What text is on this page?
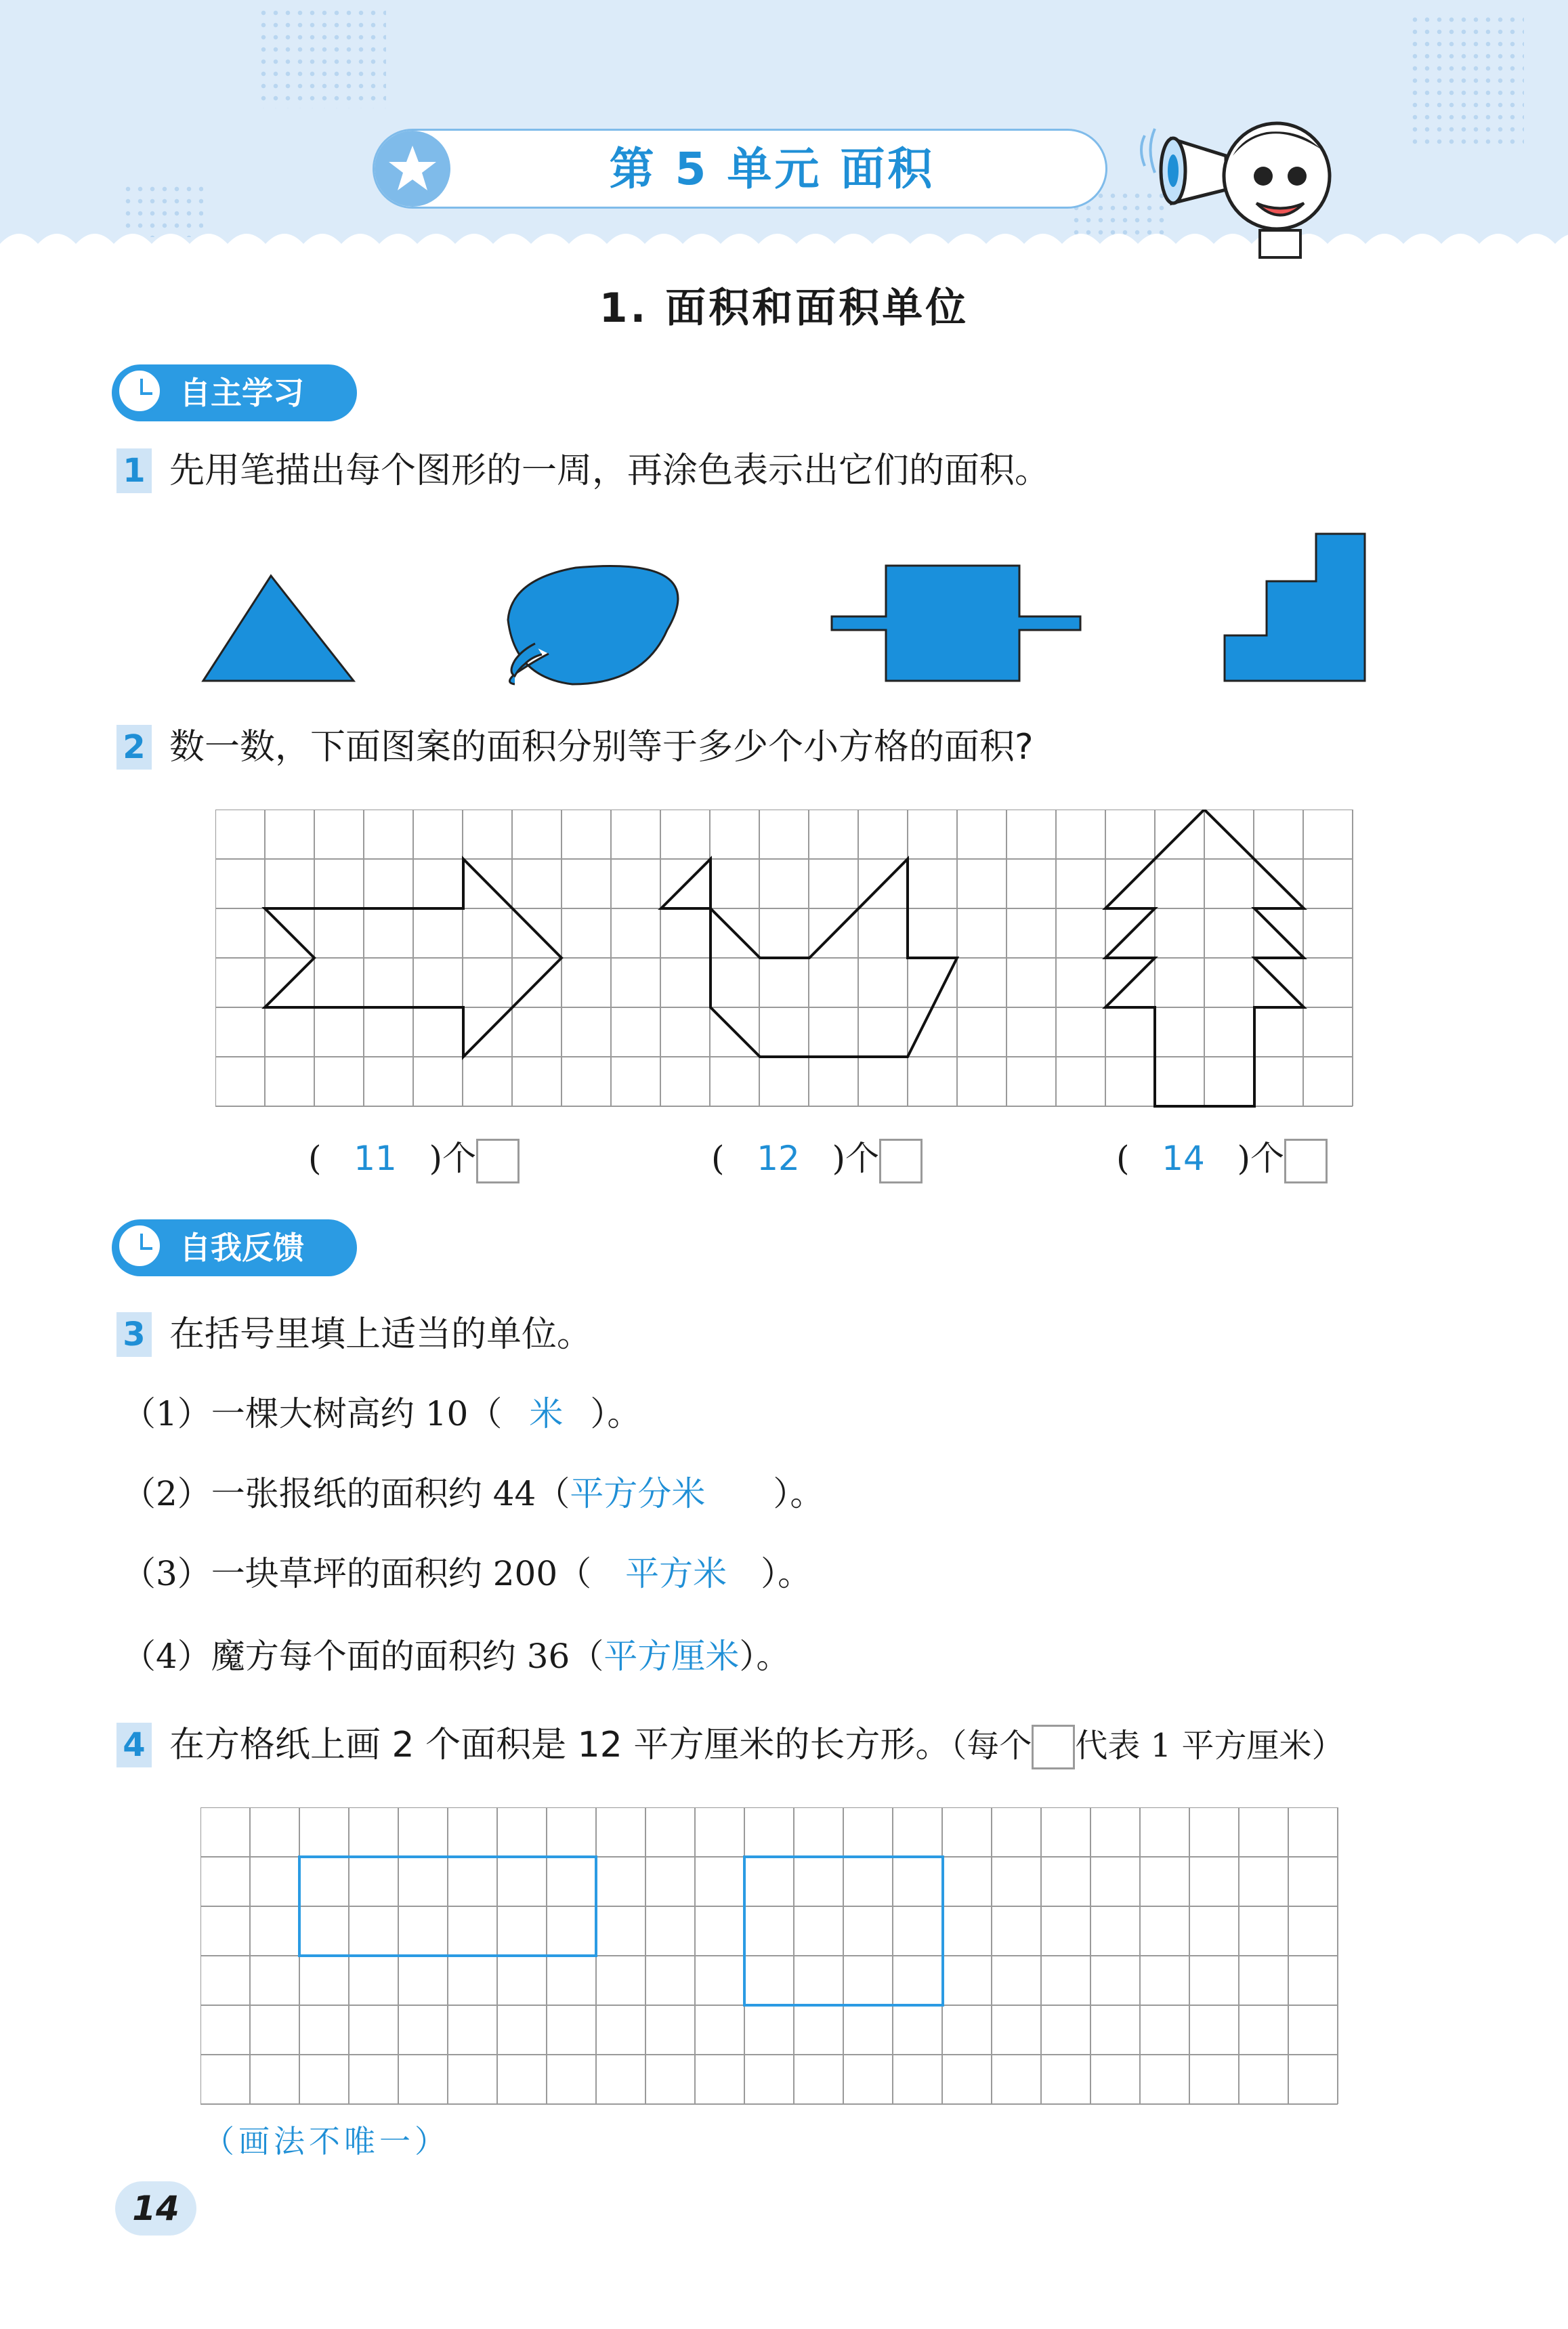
第 5 单元 面积
1. 面积和面积单位
自主学习
1 先用笔描出每个图形的一周，再涂色表示出它们的面积。
2 数一数，下面图案的面积分别等于多少个小方格的面积?
( 11 )个	( 12 )个	( 14 )个
自我反馈
3 在括号里填上适当的单位。
（1）一棵大树高约 10（ 米 ）。
（2）一张报纸的面积约 44（平方分米 ）。
（3）一块草坪的面积约 200（ 平方米 ）。
（4）魔方每个面的面积约 36（平方厘米）。
4 在方格纸上画 2 个面积是 12 平方厘米的长方形。（每个 代表 1 平方厘米）
（画法不唯一）
14
